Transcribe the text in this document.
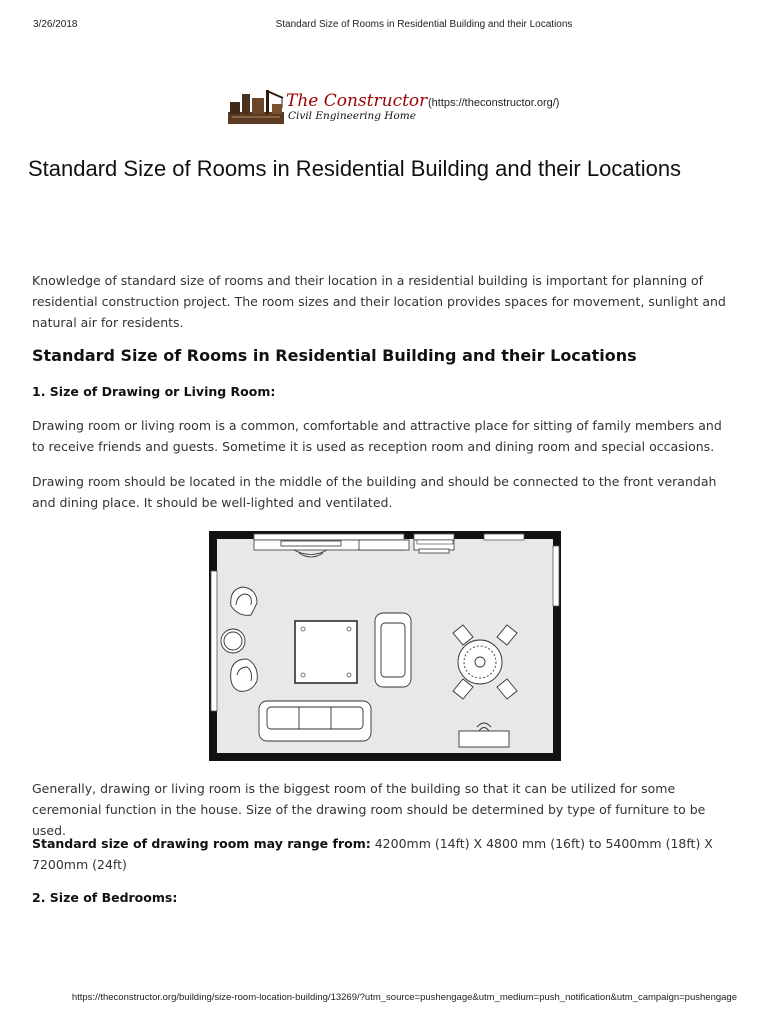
3/26/2018	Standard Size of Rooms in Residential Building and their Locations
The Constructor
Civil Engineering Home
(https://theconstructor.org/)
Standard Size of Rooms in Residential Building and their Locations

Knowledge of standard size of rooms and their location in a residential building is important for planning of residential construction project. The room sizes and their location provides spaces for movement, sunlight and natural air for residents.

Standard Size of Rooms in Residential Building and their Locations
1. Size of Drawing or Living Room:

Drawing room or living room is a common, comfortable and attractive place for sitting of family members and to receive friends and guests. Sometime it is used as reception room and dining room and special occasions.

Drawing room should be located in the middle of the building and should be connected to the front verandah and dining place. It should be well-lighted and ventilated.

Generally, drawing or living room is the biggest room of the building so that it can be utilized for some ceremonial function in the house. Size of the drawing room should be determined by type of furniture to be used.

Standard size of drawing room may range from: 4200mm (14ft) X 4800 mm (16ft) to 5400mm (18ft) X 7200mm (24ft)

2. Size of Bedrooms:
https://theconstructor.org/building/size-room-location-building/13269/?utm_source=pushengage&utm_medium=push_notification&utm_campaign=pushengage
